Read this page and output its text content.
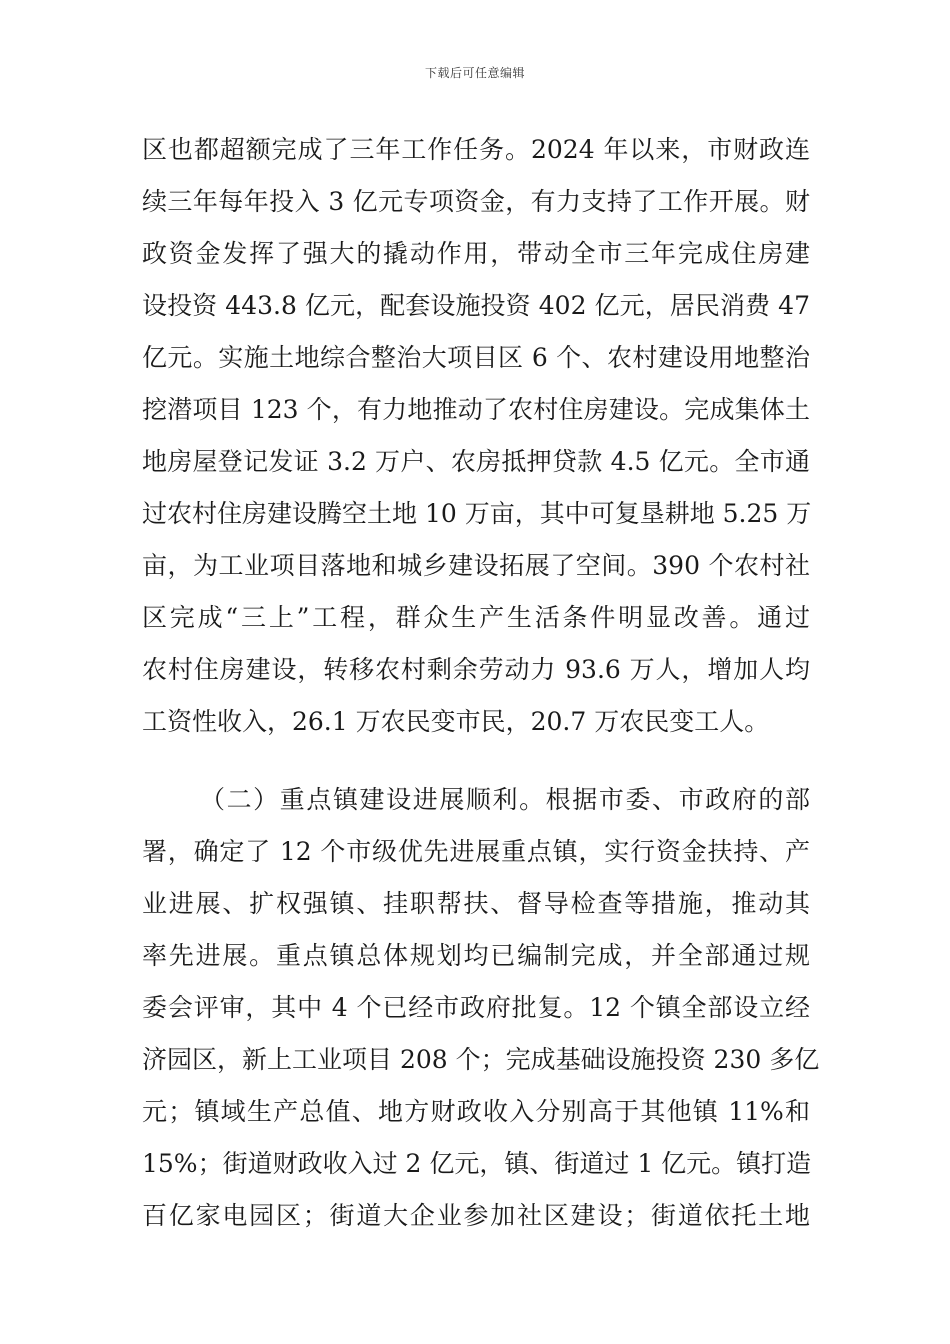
下载后可任意编辑
区也都超额完成了三年工作任务。2024 年以来，市财政连
续三年每年投入 3 亿元专项资金，有力支持了工作开展。财
政资金发挥了强大的撬动作用，带动全市三年完成住房建
设投资 443.8 亿元，配套设施投资 402 亿元，居民消费 47
亿元。实施土地综合整治大项目区 6 个、农村建设用地整治
挖潜项目 123 个，有力地推动了农村住房建设。完成集体土
地房屋登记发证 3.2 万户、农房抵押贷款 4.5 亿元。全市通
过农村住房建设腾空土地 10 万亩，其中可复垦耕地 5.25 万
亩，为工业项目落地和城乡建设拓展了空间。390 个农村社
区完成“三上”工程，群众生产生活条件明显改善。通过
农村住房建设，转移农村剩余劳动力 93.6 万人，增加人均
工资性收入，26.1 万农民变市民，20.7 万农民变工人。
（二）重点镇建设进展顺利。根据市委、市政府的部
署，确定了 12 个市级优先进展重点镇，实行资金扶持、产
业进展、扩权强镇、挂职帮扶、督导检查等措施，推动其
率先进展。重点镇总体规划均已编制完成，并全部通过规
委会评审，其中 4 个已经市政府批复。12 个镇全部设立经
济园区，新上工业项目 208 个；完成基础设施投资 230 多亿
元；镇域生产总值、地方财政收入分别高于其他镇 11%和
15%；街道财政收入过 2 亿元，镇、街道过 1 亿元。镇打造
百亿家电园区；街道大企业参加社区建设；街道依托土地
